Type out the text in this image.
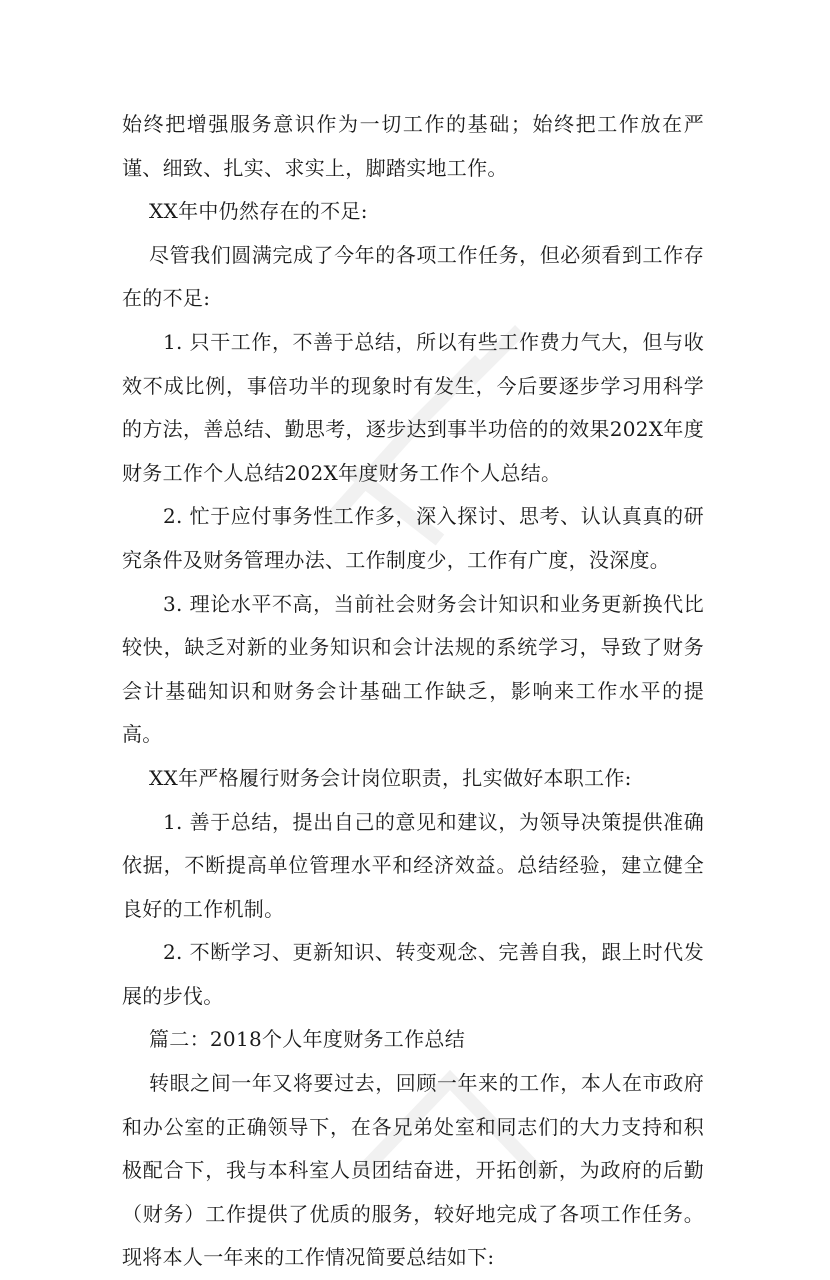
始终把增强服务意识作为一切工作的基础；始终把工作放在严谨、细致、扎实、求实上，脚踏实地工作。

XX年中仍然存在的不足:

尽管我们圆满完成了今年的各项工作任务，但必须看到工作存在的不足:

1. 只干工作，不善于总结，所以有些工作费力气大，但与收效不成比例，事倍功半的现象时有发生，今后要逐步学习用科学的方法，善总结、勤思考，逐步达到事半功倍的的效果202X年度财务工作个人总结202X年度财务工作个人总结。

2. 忙于应付事务性工作多，深入探讨、思考、认认真真的研究条件及财务管理办法、工作制度少，工作有广度，没深度。

3. 理论水平不高，当前社会财务会计知识和业务更新换代比较快，缺乏对新的业务知识和会计法规的系统学习，导致了财务会计基础知识和财务会计基础工作缺乏，影响来工作水平的提高。

XX年严格履行财务会计岗位职责，扎实做好本职工作:

1. 善于总结，提出自己的意见和建议，为领导决策提供准确依据，不断提高单位管理水平和经济效益。总结经验，建立健全良好的工作机制。

2. 不断学习、更新知识、转变观念、完善自我，跟上时代发展的步伐。

篇二：2018个人年度财务工作总结

转眼之间一年又将要过去，回顾一年来的工作，本人在市政府和办公室的正确领导下，在各兄弟处室和同志们的大力支持和积极配合下，我与本科室人员团结奋进，开拓创新，为政府的后勤（财务）工作提供了优质的服务，较好地完成了各项工作任务。现将本人一年来的工作情况简要总结如下:
